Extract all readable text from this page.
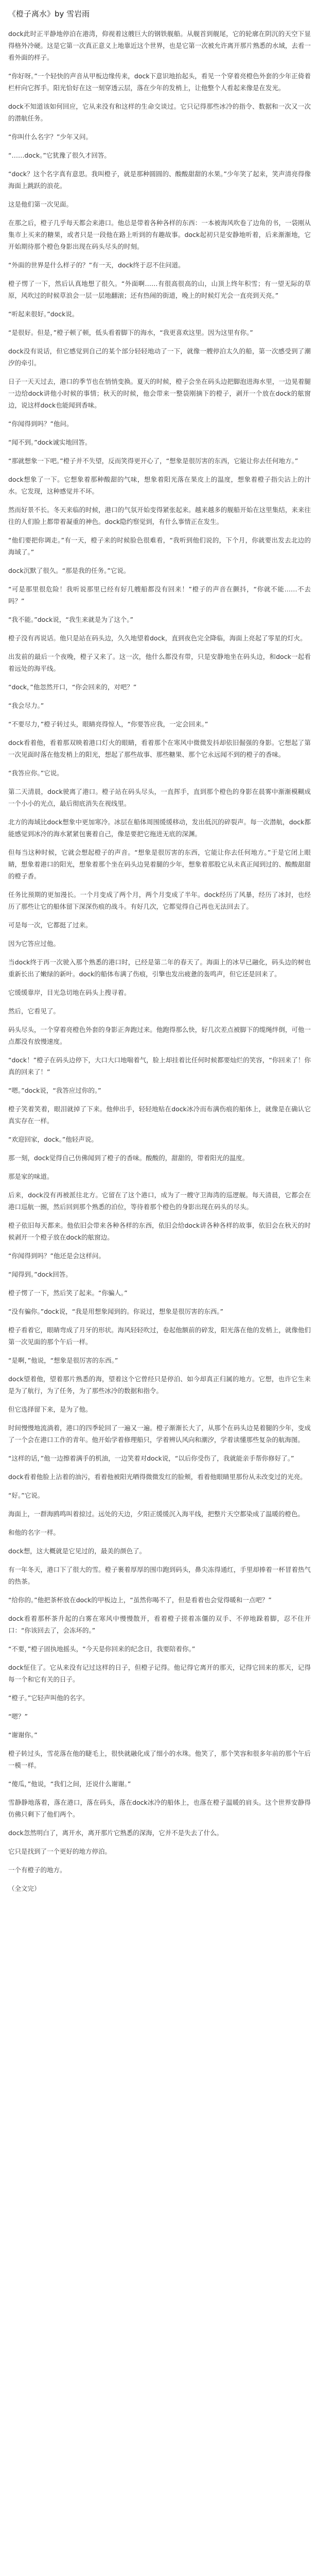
《橙子离水》by 雪岩雨

dock此时正平静地停泊在港湾，仰视着这艘巨大的钢铁舰船。从舰首到舰尾，它的轮廓在阴沉的天空下显得格外冷硬。这是它第一次真正意义上地靠近这个世界，也是它第一次被允许离开那片熟悉的水域，去看一看外面的样子。

“你好呀。”一个轻快的声音从甲板边缘传来，dock下意识地抬起头，看见一个穿着亮橙色外套的少年正倚着栏杆向它挥手。阳光恰好在这一刻穿透云层，落在少年的发梢上，让他整个人看起来像是在发光。

dock不知道该如何回应，它从来没有和这样的生命交谈过。它只记得那些冰冷的指令、数据和一次又一次的潜航任务。

“你叫什么名字？”少年又问。

“……dock。”它犹豫了很久才回答。

“dock？这个名字真有意思。我叫橙子，就是那种圆圆的、酸酸甜甜的水果。”少年笑了起来，笑声清亮得像海面上跳跃的浪花。

这是他们第一次见面。

在那之后，橙子几乎每天都会来港口。他总是带着各种各样的东西：一本被海风吹卷了边角的书，一袋刚从集市上买来的糖果，或者只是一段他在路上听到的有趣故事。dock起初只是安静地听着，后来渐渐地，它开始期待那个橙色身影出现在码头尽头的时刻。

“外面的世界是什么样子的？”有一天，dock终于忍不住问道。

橙子愣了一下，然后认真地想了很久。“外面啊……有很高很高的山，山顶上终年积雪；有一望无际的草原，风吹过的时候草浪会一层一层地翻滚；还有热闹的街道，晚上的时候灯光会一直亮到天亮。”

“听起来很好。”dock说。

“是很好。但是，”橙子顿了顿，低头看着脚下的海水，“我更喜欢这里。因为这里有你。”

dock没有说话，但它感觉到自己的某个部分轻轻地动了一下，就像一艘停泊太久的船，第一次感受到了潮汐的牵引。

日子一天天过去，港口的季节也在悄悄变换。夏天的时候，橙子会坐在码头边把脚泡进海水里，一边晃着腿一边给dock讲他小时候的事情；秋天的时候，他会带来一整袋刚摘下的橙子，剥开一个放在dock的舷窗边，说这样dock也能闻到香味。

“你闻得到吗？”他问。

“闻不到。”dock诚实地回答。

“那就想象一下吧。”橙子并不失望，反而笑得更开心了，“想象是很厉害的东西，它能让你去任何地方。”

dock想象了一下。它想象着那种酸甜的气味，想象着阳光落在果皮上的温度，想象着橙子指尖沾上的汁水。它发现，这种感觉并不坏。

然而好景不长。冬天来临的时候，港口的气氛开始变得紧张起来。越来越多的舰船开始在这里集结，来来往往的人们脸上都带着凝重的神色。dock隐约察觉到，有什么事情正在发生。

“他们要把你调走。”有一天，橙子来的时候脸色很难看，“我听到他们说的，下个月，你就要出发去北边的海域了。”

dock沉默了很久。“那是我的任务。”它说。

“可是那里很危险！我听说那里已经有好几艘船都没有回来！”橙子的声音在颤抖，“你就不能……不去吗？”

“我不能。”dock说，“我生来就是为了这个。”

橙子没有再说话。他只是站在码头边，久久地望着dock，直到夜色完全降临，海面上亮起了零星的灯火。

出发前的最后一个夜晚，橙子又来了。这一次，他什么都没有带，只是安静地坐在码头边，和dock一起看着远处的海平线。

“dock，”他忽然开口，“你会回来的，对吧？”

“我会尽力。”

“不要尽力，”橙子转过头，眼睛亮得惊人，“你要答应我，一定会回来。”

dock看着他，看着那双映着港口灯火的眼睛，看着那个在寒风中微微发抖却依旧倔强的身影。它想起了第一次见面时落在他发梢上的阳光，想起了那些故事、那些糖果、那个它永远闻不到的橙子的香味。

“我答应你。”它说。

第二天清晨，dock驶离了港口。橙子站在码头尽头，一直挥手，直到那个橙色的身影在晨雾中渐渐模糊成一个小小的光点，最后彻底消失在视线里。

北方的海域比dock想象中更加寒冷。冰层在船体周围缓缓移动，发出低沉的碎裂声。每一次潜航，dock都能感觉到冰冷的海水紧紧包裹着自己，像是要把它拖进无底的深渊。

但每当这种时候，它就会想起橙子的声音。“想象是很厉害的东西，它能让你去任何地方。”于是它闭上眼睛，想象着港口的阳光，想象着那个坐在码头边晃着腿的少年，想象着那股它从未真正闻到过的、酸酸甜甜的橙子香。

任务比预期的更加漫长。一个月变成了两个月，两个月变成了半年。dock经历了风暴，经历了冰封，也经历了那些让它的船体留下深深伤痕的战斗。有好几次，它都觉得自己再也无法回去了。

可是每一次，它都挺了过来。

因为它答应过他。

当dock终于再一次驶入那个熟悉的港口时，已经是第二年的春天了。海面上的冰早已融化，码头边的树也重新长出了嫩绿的新叶。dock的船体布满了伤痕，引擎也发出疲惫的轰鸣声，但它还是回来了。

它缓缓靠岸，目光急切地在码头上搜寻着。

然后，它看见了。

码头尽头，一个穿着亮橙色外套的身影正奔跑过来。他跑得那么快，好几次差点被脚下的缆绳绊倒，可他一点都没有放慢速度。

“dock！”橙子在码头边停下，大口大口地喘着气，脸上却挂着比任何时候都要灿烂的笑容，“你回来了！你真的回来了！”

“嗯。”dock说，“我答应过你的。”

橙子笑着笑着，眼泪就掉了下来。他伸出手，轻轻地贴在dock冰冷而布满伤痕的船体上，就像是在确认它真实存在一样。

“欢迎回家，dock。”他轻声说。

那一刻，dock觉得自己仿佛闻到了橙子的香味。酸酸的，甜甜的，带着阳光的温度。

那是家的味道。

后来，dock没有再被派往北方。它留在了这个港口，成为了一艘守卫海湾的巡逻舰。每天清晨，它都会在港口巡航一圈，然后回到那个熟悉的泊位，等待着那个橙色的身影出现在码头的尽头。

橙子依旧每天都来。他依旧会带来各种各样的东西，依旧会给dock讲各种各样的故事，依旧会在秋天的时候剥开一个橙子放在dock的舷窗边。

“你闻得到吗？”他还是会这样问。

“闻得到。”dock回答。

橙子愣了一下，然后笑了起来。“你骗人。”

“没有骗你。”dock说，“我是用想象闻到的。你说过，想象是很厉害的东西。”

橙子看着它，眼睛弯成了月牙的形状。海风轻轻吹过，卷起他额前的碎发，阳光落在他的发梢上，就像他们第一次见面的那个午后一样。

“是啊，”他说，“想象是很厉害的东西。”

dock望着他，望着那片熟悉的海，望着这个它曾经只是停泊、如今却真正归属的地方。它想，也许它生来是为了航行，为了任务，为了那些冰冷的数据和指令。

但它选择留下来，是为了他。

时间慢慢地流淌着，港口的四季轮回了一遍又一遍。橙子渐渐长大了，从那个在码头边晃着腿的少年，变成了一个会在港口工作的青年。他开始学着修理船只，学着辨认风向和潮汐，学着读懂那些复杂的航海图。

“这样的话，”他一边擦着满手的机油，一边笑着对dock说，“以后你受伤了，我就能亲手帮你修好了。”

dock看着他脸上沾着的油污，看着他被阳光晒得微微发红的脸颊，看着他眼睛里那份从未改变过的光亮。

“好。”它说。

海面上，一群海鸥鸣叫着掠过。远处的天边，夕阳正缓缓沉入海平线，把整片天空都染成了温暖的橙色。

和他的名字一样。

dock想，这大概就是它见过的，最美的颜色了。

有一年冬天，港口下了很大的雪。橙子裹着厚厚的围巾跑到码头，鼻尖冻得通红，手里却捧着一杯冒着热气的热茶。

“给你的。”他把茶杯放在dock的甲板边上，“虽然你喝不了，但是看着也会觉得暖和一点吧？”

dock看着那杯茶升起的白雾在寒风中慢慢散开，看着橙子搓着冻僵的双手、不停地跺着脚，忍不住开口：“你该回去了，会冻坏的。”

“不要，”橙子固执地摇头，“今天是你回来的纪念日，我要陪着你。”

dock怔住了。它从来没有记过这样的日子，但橙子记得。他记得它离开的那天，记得它回来的那天，记得每一个和它有关的日子。

“橙子。”它轻声叫他的名字。

“嗯？”

“谢谢你。”

橙子转过头，雪花落在他的睫毛上，很快就融化成了细小的水珠。他笑了，那个笑容和很多年前的那个午后一模一样。

“傻瓜，”他说，“我们之间，还说什么谢谢。”

雪静静地落着，落在港口，落在码头，落在dock冰冷的船体上，也落在橙子温暖的肩头。这个世界安静得仿佛只剩下了他们两个。

dock忽然明白了，离开水，离开那片它熟悉的深海，它并不是失去了什么。

它只是找到了一个更好的地方停泊。

一个有橙子的地方。

（全文完）
